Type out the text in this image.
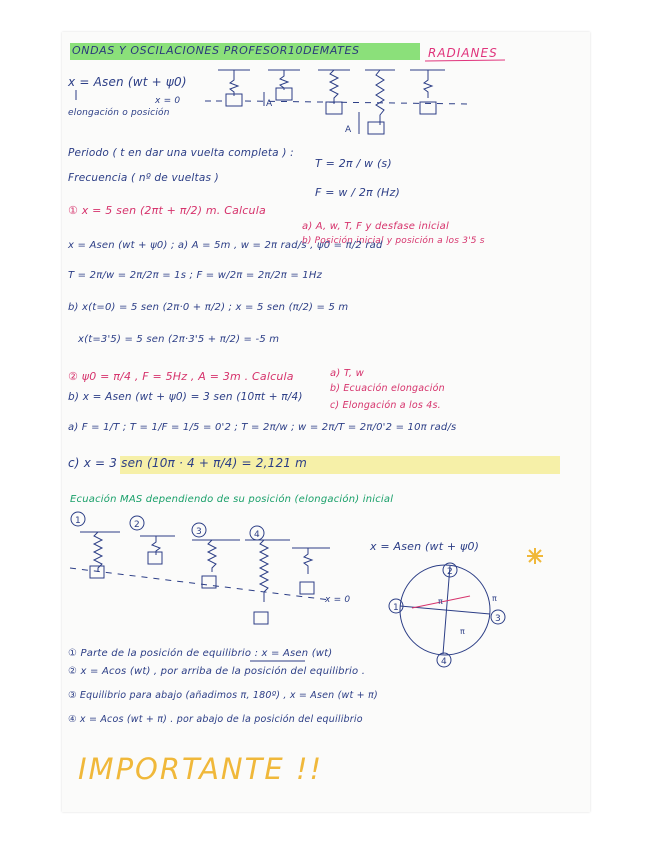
ONDAS Y OSCILACIONES PROFESOR10DEMATES	RADIANES
x = Asen (wt + ψ0)
elongación o posición
x = 0
Periodo ( t en dar una vuelta completa ) :
T = 2π / w (s)
Frecuencia ( nº de vueltas )
F = w / 2π (Hz)
① x = 5 sen (2πt + π/2) m. Calcula
a) A, w, T, F y desfase inicial
b) Posición inicial y posición a los 3'5 s
x = Asen (wt + ψ0) ; a) A = 5m , w = 2π rad/s , ψ0 = π/2 rad
T = 2π/w = 2π/2π = 1s ; F = w/2π = 2π/2π = 1Hz
b) x(t=0) = 5 sen (2π·0 + π/2) ; x = 5 sen (π/2) = 5 m
x(t=3'5) = 5 sen (2π·3'5 + π/2) = -5 m
② ψ0 = π/4 , F = 5Hz , A = 3m . Calcula	a) T, w
b) Ecuación elongación
c) Elongación a los 4s.
b) x = Asen (wt + ψ0) = 3 sen (10πt + π/4)
a) F = 1/T ; T = 1/F = 1/5 = 0'2 ; T = 2π/w ; w = 2π/T = 2π/0'2 = 10π rad/s
c) x = 3 sen (10π · 4 + π/4) = 2,121 m
Ecuación MAS dependiendo de su posición (elongación) inicial
x = Asen (wt + ψ0)
x = 0
① Parte de la posición de equilibrio : x = Asen (wt)
② x = Acos (wt) , por arriba de la posición del equilibrio .
③ Equilibrio para abajo (añadimos π, 180º) , x = Asen (wt + π)
④ x = Acos (wt + π) . por abajo de la posición del equilibrio
IMPORTANTE !!
A
A
1	2
3	4
1
2
3
4
π	π
π
